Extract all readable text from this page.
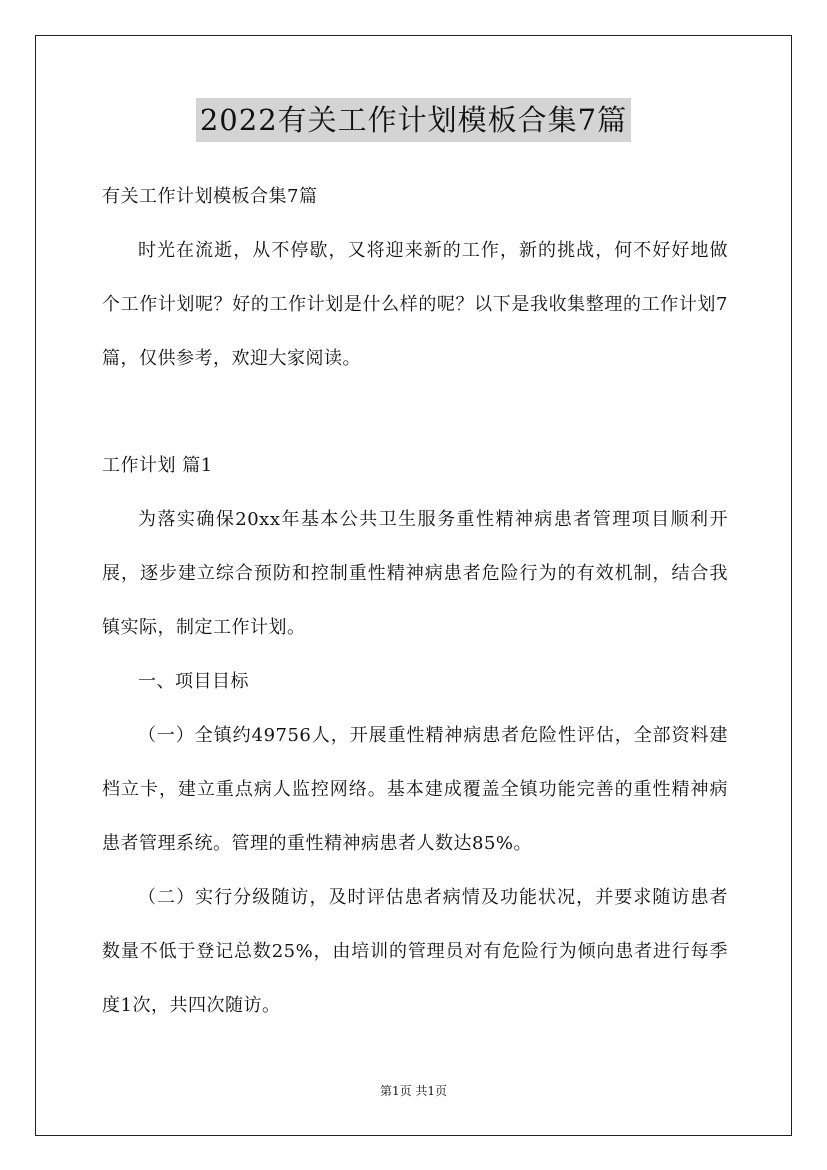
2022有关工作计划模板合集7篇

有关工作计划模板合集7篇

时光在流逝，从不停歇，又将迎来新的工作，新的挑战，何不好好地做个工作计划呢？好的工作计划是什么样的呢？以下是我收集整理的工作计划7篇，仅供参考，欢迎大家阅读。

工作计划 篇1

为落实确保20xx年基本公共卫生服务重性精神病患者管理项目顺利开展，逐步建立综合预防和控制重性精神病患者危险行为的有效机制，结合我镇实际，制定工作计划。

一、项目目标

（一）全镇约49756人，开展重性精神病患者危险性评估，全部资料建档立卡，建立重点病人监控网络。基本建成覆盖全镇功能完善的重性精神病患者管理系统。管理的重性精神病患者人数达85%。

（二）实行分级随访，及时评估患者病情及功能状况，并要求随访患者数量不低于登记总数25%，由培训的管理员对有危险行为倾向患者进行每季度1次，共四次随访。

第1页 共1页
